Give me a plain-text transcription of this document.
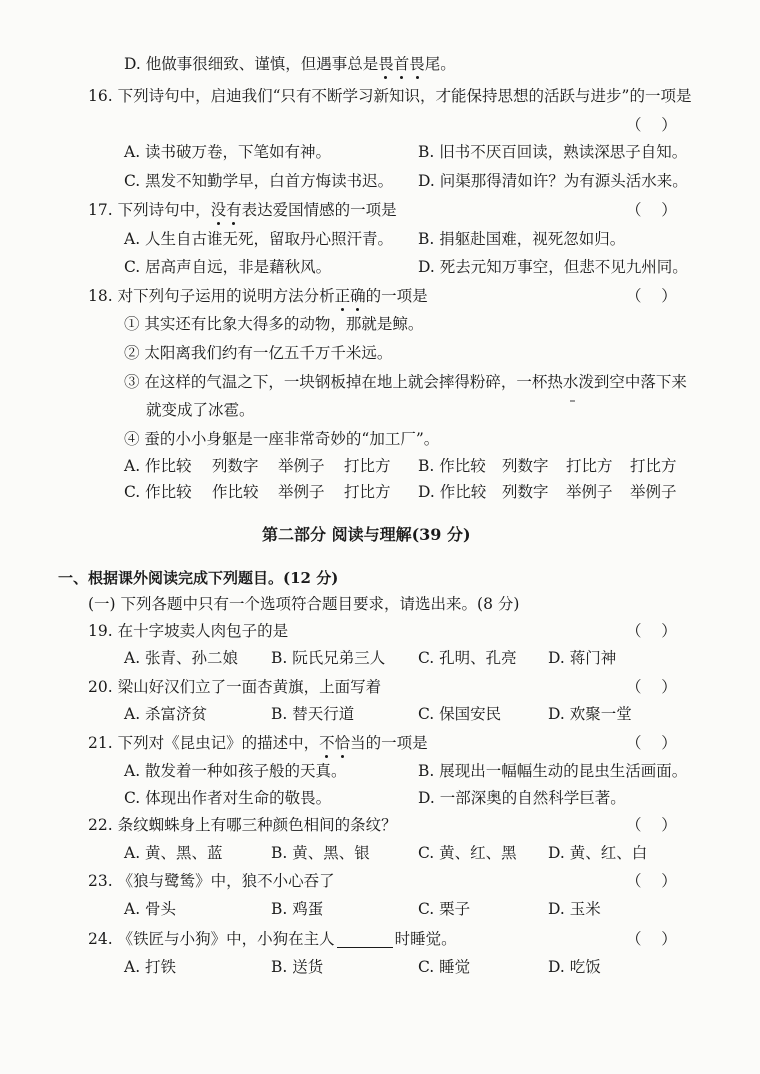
D. 他做事很细致、谨慎，但遇事总是畏首畏尾。
16. 下列诗句中，启迪我们“只有不断学习新知识，才能保持思想的活跃与进步”的一项是
（    ）
A. 读书破万卷，下笔如有神。	B. 旧书不厌百回读，熟读深思子自知。
C. 黑发不知勤学早，白首方悔读书迟。 D. 问渠那得清如许？为有源头活水来。
17. 下列诗句中，没有表达爱国情感的一项是	（    ）
A. 人生自古谁无死，留取丹心照汗青。 B. 捐躯赴国难，视死忽如归。
C. 居高声自远，非是藉秋风。	D. 死去元知万事空，但悲不见九州同。
18. 对下列句子运用的说明方法分析正确的一项是	（    ）
① 其实还有比象大得多的动物，那就是鲸。
② 太阳离我们约有一亿五千万千米远。
③ 在这样的气温之下，一块钢板掉在地上就会摔得粉碎，一杯热水泼到空中落下来
就变成了冰雹。
④ 蚕的小小身躯是一座非常奇妙的“加工厂”。
A. 作比较 列数字 举例子 打比方 B. 作比较 列数字 打比方 打比方
C. 作比较 作比较 举例子 打比方 D. 作比较 列数字 举例子 举例子
第二部分 阅读与理解(39 分)
一、根据课外阅读完成下列题目。(12 分)
(一) 下列各题中只有一个选项符合题目要求，请选出来。(8 分)
19. 在十字坡卖人肉包子的是	（    ）
A. 张青、孙二娘 B. 阮氏兄弟三人 C. 孔明、孔亮 D. 蒋门神
20. 梁山好汉们立了一面杏黄旗，上面写着	（    ）
A. 杀富济贫	B. 替天行道	C. 保国安民	D. 欢聚一堂
21. 下列对《昆虫记》的描述中，不恰当的一项是	（    ）
A. 散发着一种如孩子般的天真。	B. 展现出一幅幅生动的昆虫生活画面。
C. 体现出作者对生命的敬畏。	D. 一部深奥的自然科学巨著。
22. 条纹蜘蛛身上有哪三种颜色相间的条纹？	（    ）
A. 黄、黑、蓝	B. 黄、黑、银	C. 黄、红、黑 D. 黄、红、白
23. 《狼与鹭鸶》中，狼不小心吞了	（    ）
A. 骨头	B. 鸡蛋	C. 栗子	D. 玉米
24. 《铁匠与小狗》中，小狗在主人	时睡觉。	（    ）
A. 打铁	B. 送货	C. 睡觉	D. 吃饭
